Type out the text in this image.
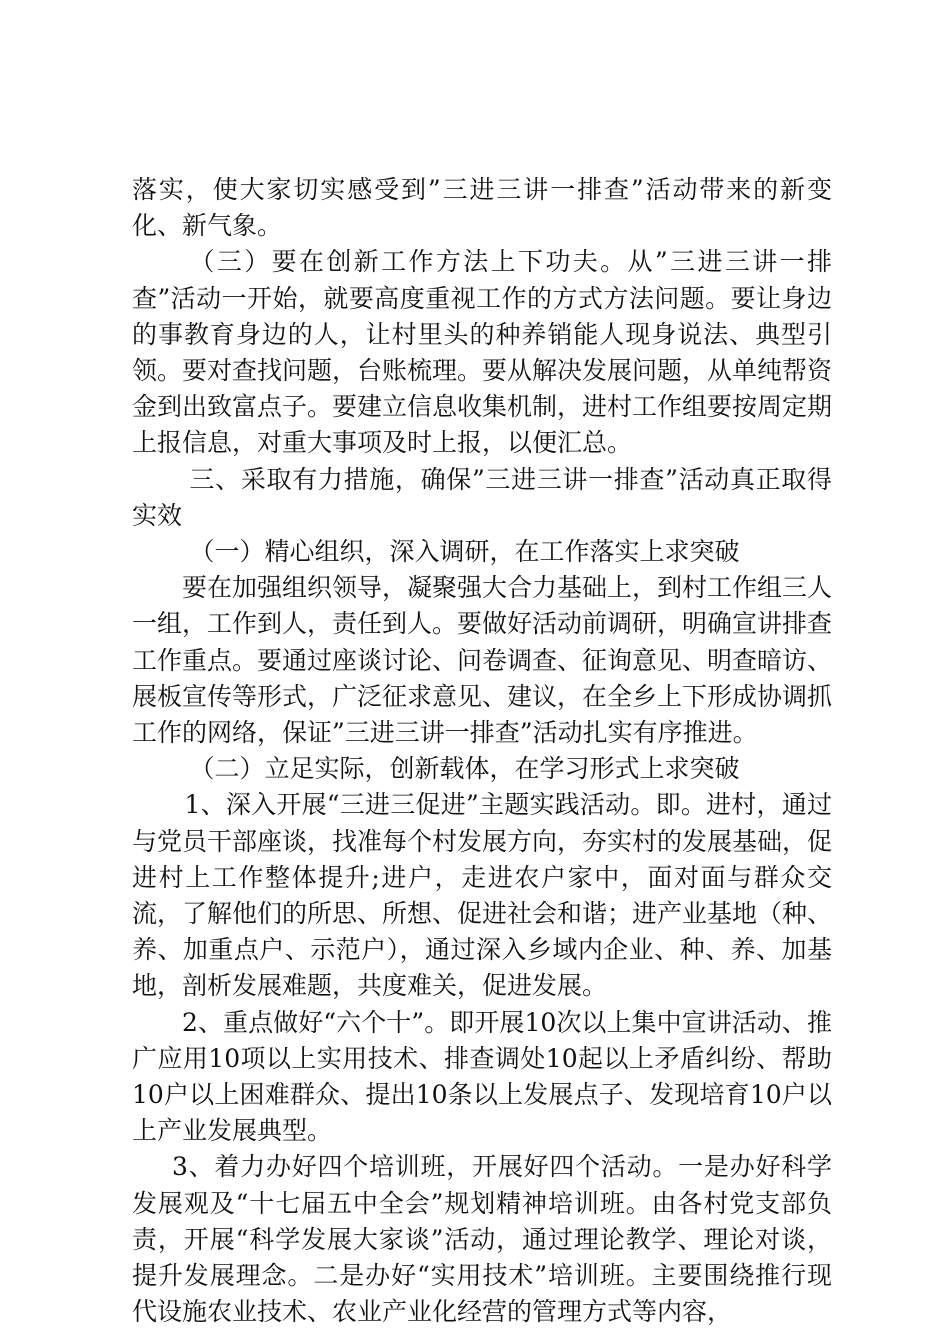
落实，使大家切实感受到”三进三讲一排查”活动带来的新变化、新气象。

（三）要在创新工作方法上下功夫。从”三进三讲一排查”活动一开始，就要高度重视工作的方式方法问题。要让身边的事教育身边的人，让村里头的种养销能人现身说法、典型引领。要对查找问题，台账梳理。要从解决发展问题，从单纯帮资金到出致富点子。要建立信息收集机制，进村工作组要按周定期上报信息，对重大事项及时上报，以便汇总。

三、采取有力措施，确保”三进三讲一排查”活动真正取得实效

（一）精心组织，深入调研，在工作落实上求突破

要在加强组织领导，凝聚强大合力基础上，到村工作组三人一组，工作到人，责任到人。要做好活动前调研，明确宣讲排查工作重点。要通过座谈讨论、问卷调查、征询意见、明查暗访、展板宣传等形式，广泛征求意见、建议，在全乡上下形成协调抓工作的网络，保证”三进三讲一排查”活动扎实有序推进。

（二）立足实际，创新载体，在学习形式上求突破

1、深入开展“三进三促进”主题实践活动。即。进村，通过与党员干部座谈，找准每个村发展方向，夯实村的发展基础，促进村上工作整体提升;进户，走进农户家中，面对面与群众交流，了解他们的所思、所想、促进社会和谐；进产业基地（种、养、加重点户、示范户），通过深入乡域内企业、种、养、加基地，剖析发展难题，共度难关，促进发展。

2、重点做好“六个十”。即开展10次以上集中宣讲活动、推广应用10项以上实用技术、排查调处10起以上矛盾纠纷、帮助10户以上困难群众、提出10条以上发展点子、发现培育10户以上产业发展典型。

3、着力办好四个培训班，开展好四个活动。一是办好科学发展观及“十七届五中全会”规划精神培训班。由各村党支部负责，开展“科学发展大家谈”活动，通过理论教学、理论对谈，提升发展理念。二是办好“实用技术”培训班。主要围绕推行现代设施农业技术、农业产业化经营的管理方式等内容，
